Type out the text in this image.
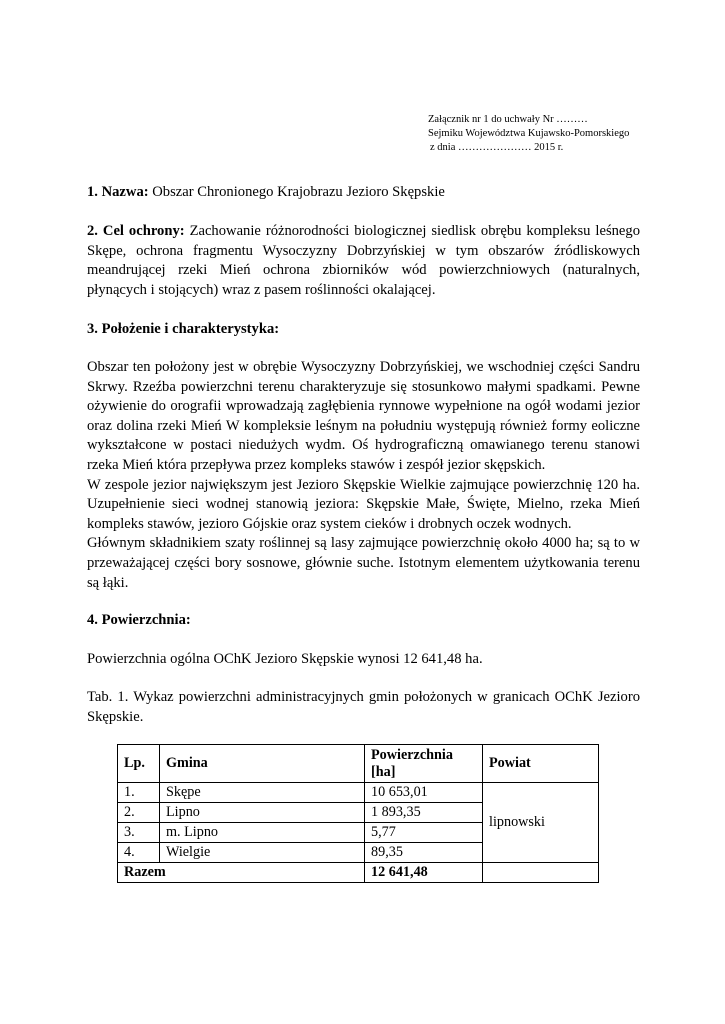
Załącznik nr 1 do uchwały Nr ………
Sejmiku Województwa Kujawsko-Pomorskiego
z dnia ………………… 2015 r.

1. Nazwa: Obszar Chronionego Krajobrazu Jezioro Skępskie

2. Cel ochrony: Zachowanie różnorodności biologicznej siedlisk obrębu kompleksu leśnego Skępe, ochrona fragmentu Wysoczyzny Dobrzyńskiej w tym obszarów źródliskowych meandrującej rzeki Mień ochrona zbiorników wód powierzchniowych (naturalnych, płynących i stojących) wraz z pasem roślinności okalającej.

3. Położenie i charakterystyka:

Obszar ten położony jest w obrębie Wysoczyzny Dobrzyńskiej, we wschodniej części Sandru Skrwy. Rzeźba powierzchni terenu charakteryzuje się stosunkowo małymi spadkami. Pewne ożywienie do orografii wprowadzają zagłębienia rynnowe wypełnione na ogół wodami jezior oraz dolina rzeki Mień W kompleksie leśnym na południu występują również formy eoliczne wykształcone w postaci niedużych wydm. Oś hydrograficzną omawianego terenu stanowi rzeka Mień która przepływa przez kompleks stawów i zespół jezior skępskich.

W zespole jezior największym jest Jezioro Skępskie Wielkie zajmujące powierzchnię 120 ha. Uzupełnienie sieci wodnej stanowią jeziora: Skępskie Małe, Święte, Mielno, rzeka Mień kompleks stawów, jezioro Gójskie oraz system cieków i drobnych oczek wodnych.

Głównym składnikiem szaty roślinnej są lasy zajmujące powierzchnię około 4000 ha; są to w przeważającej części bory sosnowe, głównie suche. Istotnym elementem użytkowania terenu są łąki.

4. Powierzchnia:

Powierzchnia ogólna OChK Jezioro Skępskie wynosi 12 641,48 ha.

Tab. 1. Wykaz powierzchni administracyjnych gmin położonych w granicach OChK Jezioro Skępskie.

Lp.	Gmina	Powierzchnia [ha]	Powiat
1.	Skępe	10 653,01	lipnowski
2.	Lipno	1 893,35	
3.	m. Lipno	5,77	
4.	Wielgie	89,35	
Razem		12 641,48	
